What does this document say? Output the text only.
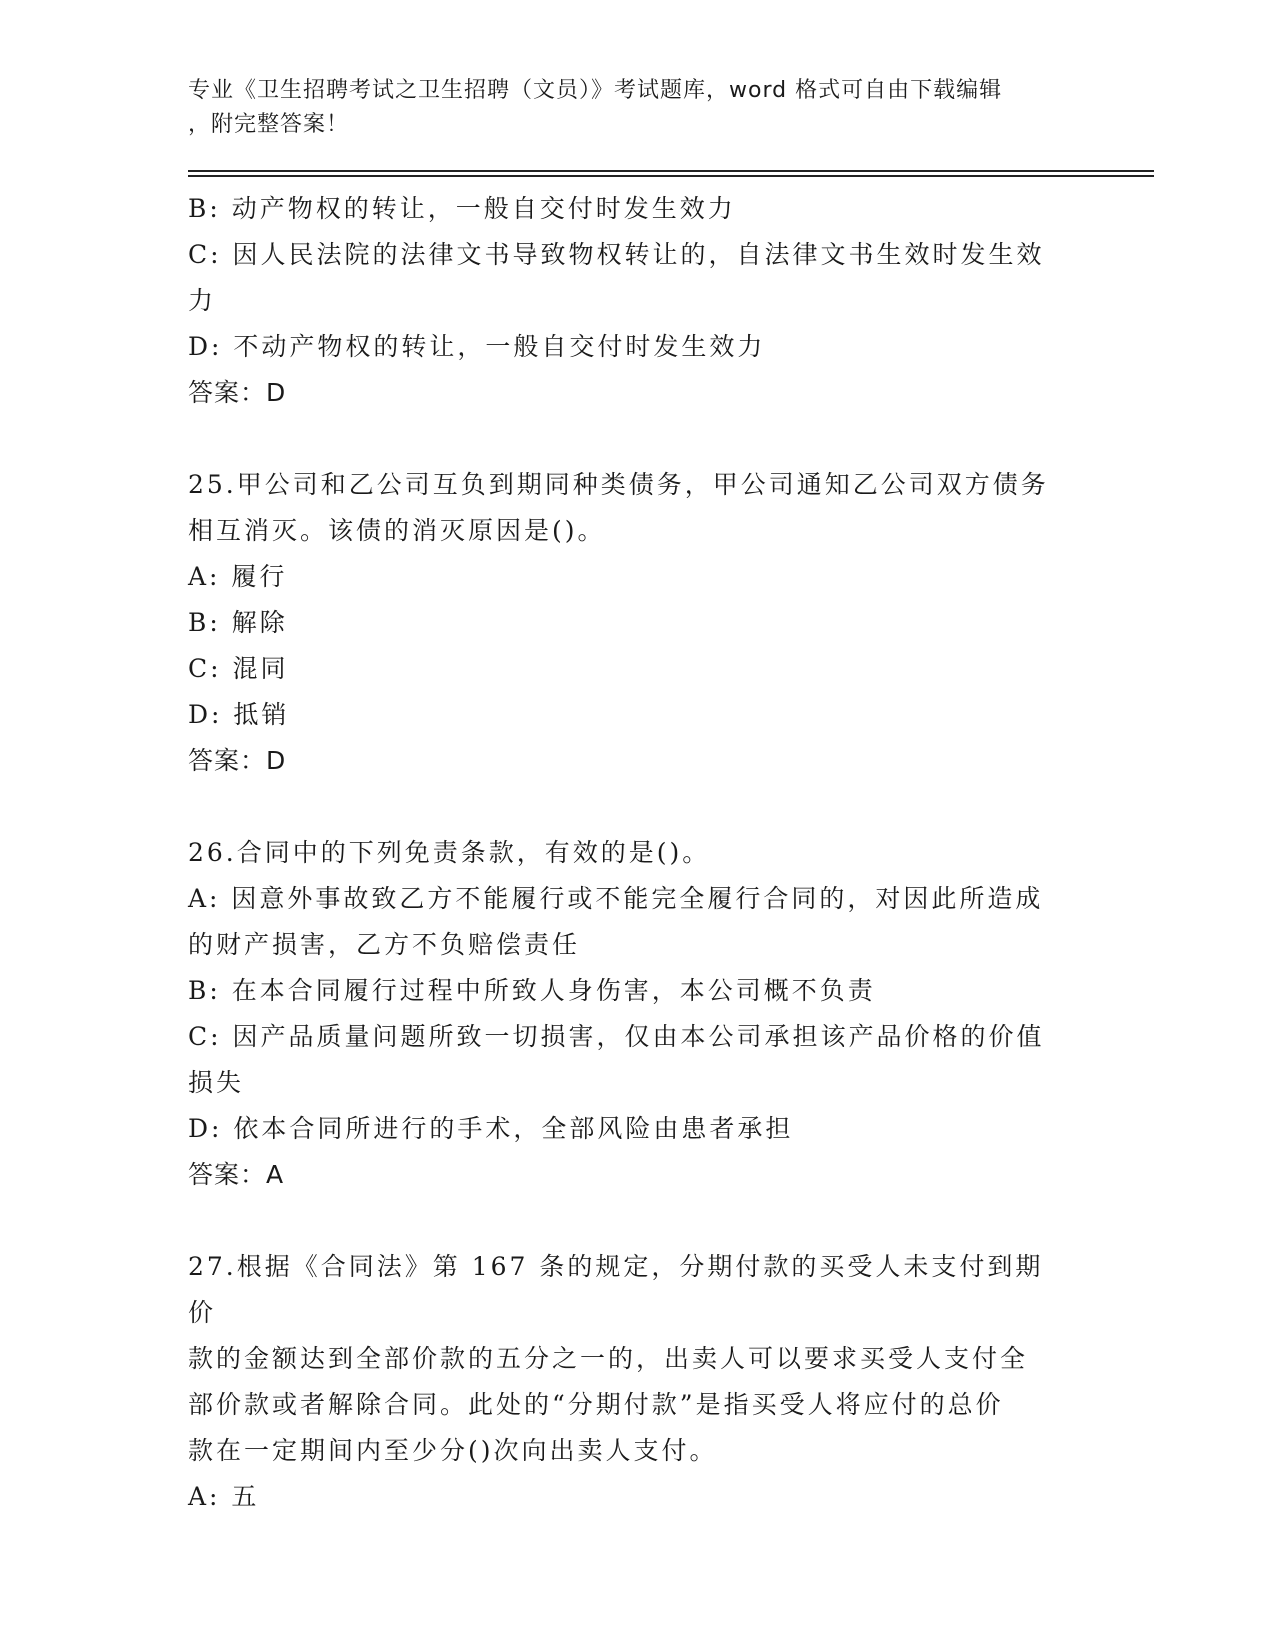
专业《卫生招聘考试之卫生招聘（文员）》考试题库，word 格式可自由下载编辑
，附完整答案！
B: 动产物权的转让，一般自交付时发生效力
C: 因人民法院的法律文书导致物权转让的，自法律文书生效时发生效
力
D: 不动产物权的转让，一般自交付时发生效力
答案：D
25.甲公司和乙公司互负到期同种类债务，甲公司通知乙公司双方债务
相互消灭。该债的消灭原因是()。
A: 履行
B: 解除
C: 混同
D: 抵销
答案：D
26.合同中的下列免责条款，有效的是()。
A: 因意外事故致乙方不能履行或不能完全履行合同的，对因此所造成
的财产损害，乙方不负赔偿责任
B: 在本合同履行过程中所致人身伤害，本公司概不负责
C: 因产品质量问题所致一切损害，仅由本公司承担该产品价格的价值
损失
D: 依本合同所进行的手术，全部风险由患者承担
答案：A
27.根据《合同法》第 167 条的规定，分期付款的买受人未支付到期价
款的金额达到全部价款的五分之一的，出卖人可以要求买受人支付全
部价款或者解除合同。此处的“分期付款”是指买受人将应付的总价
款在一定期间内至少分()次向出卖人支付。
A: 五
